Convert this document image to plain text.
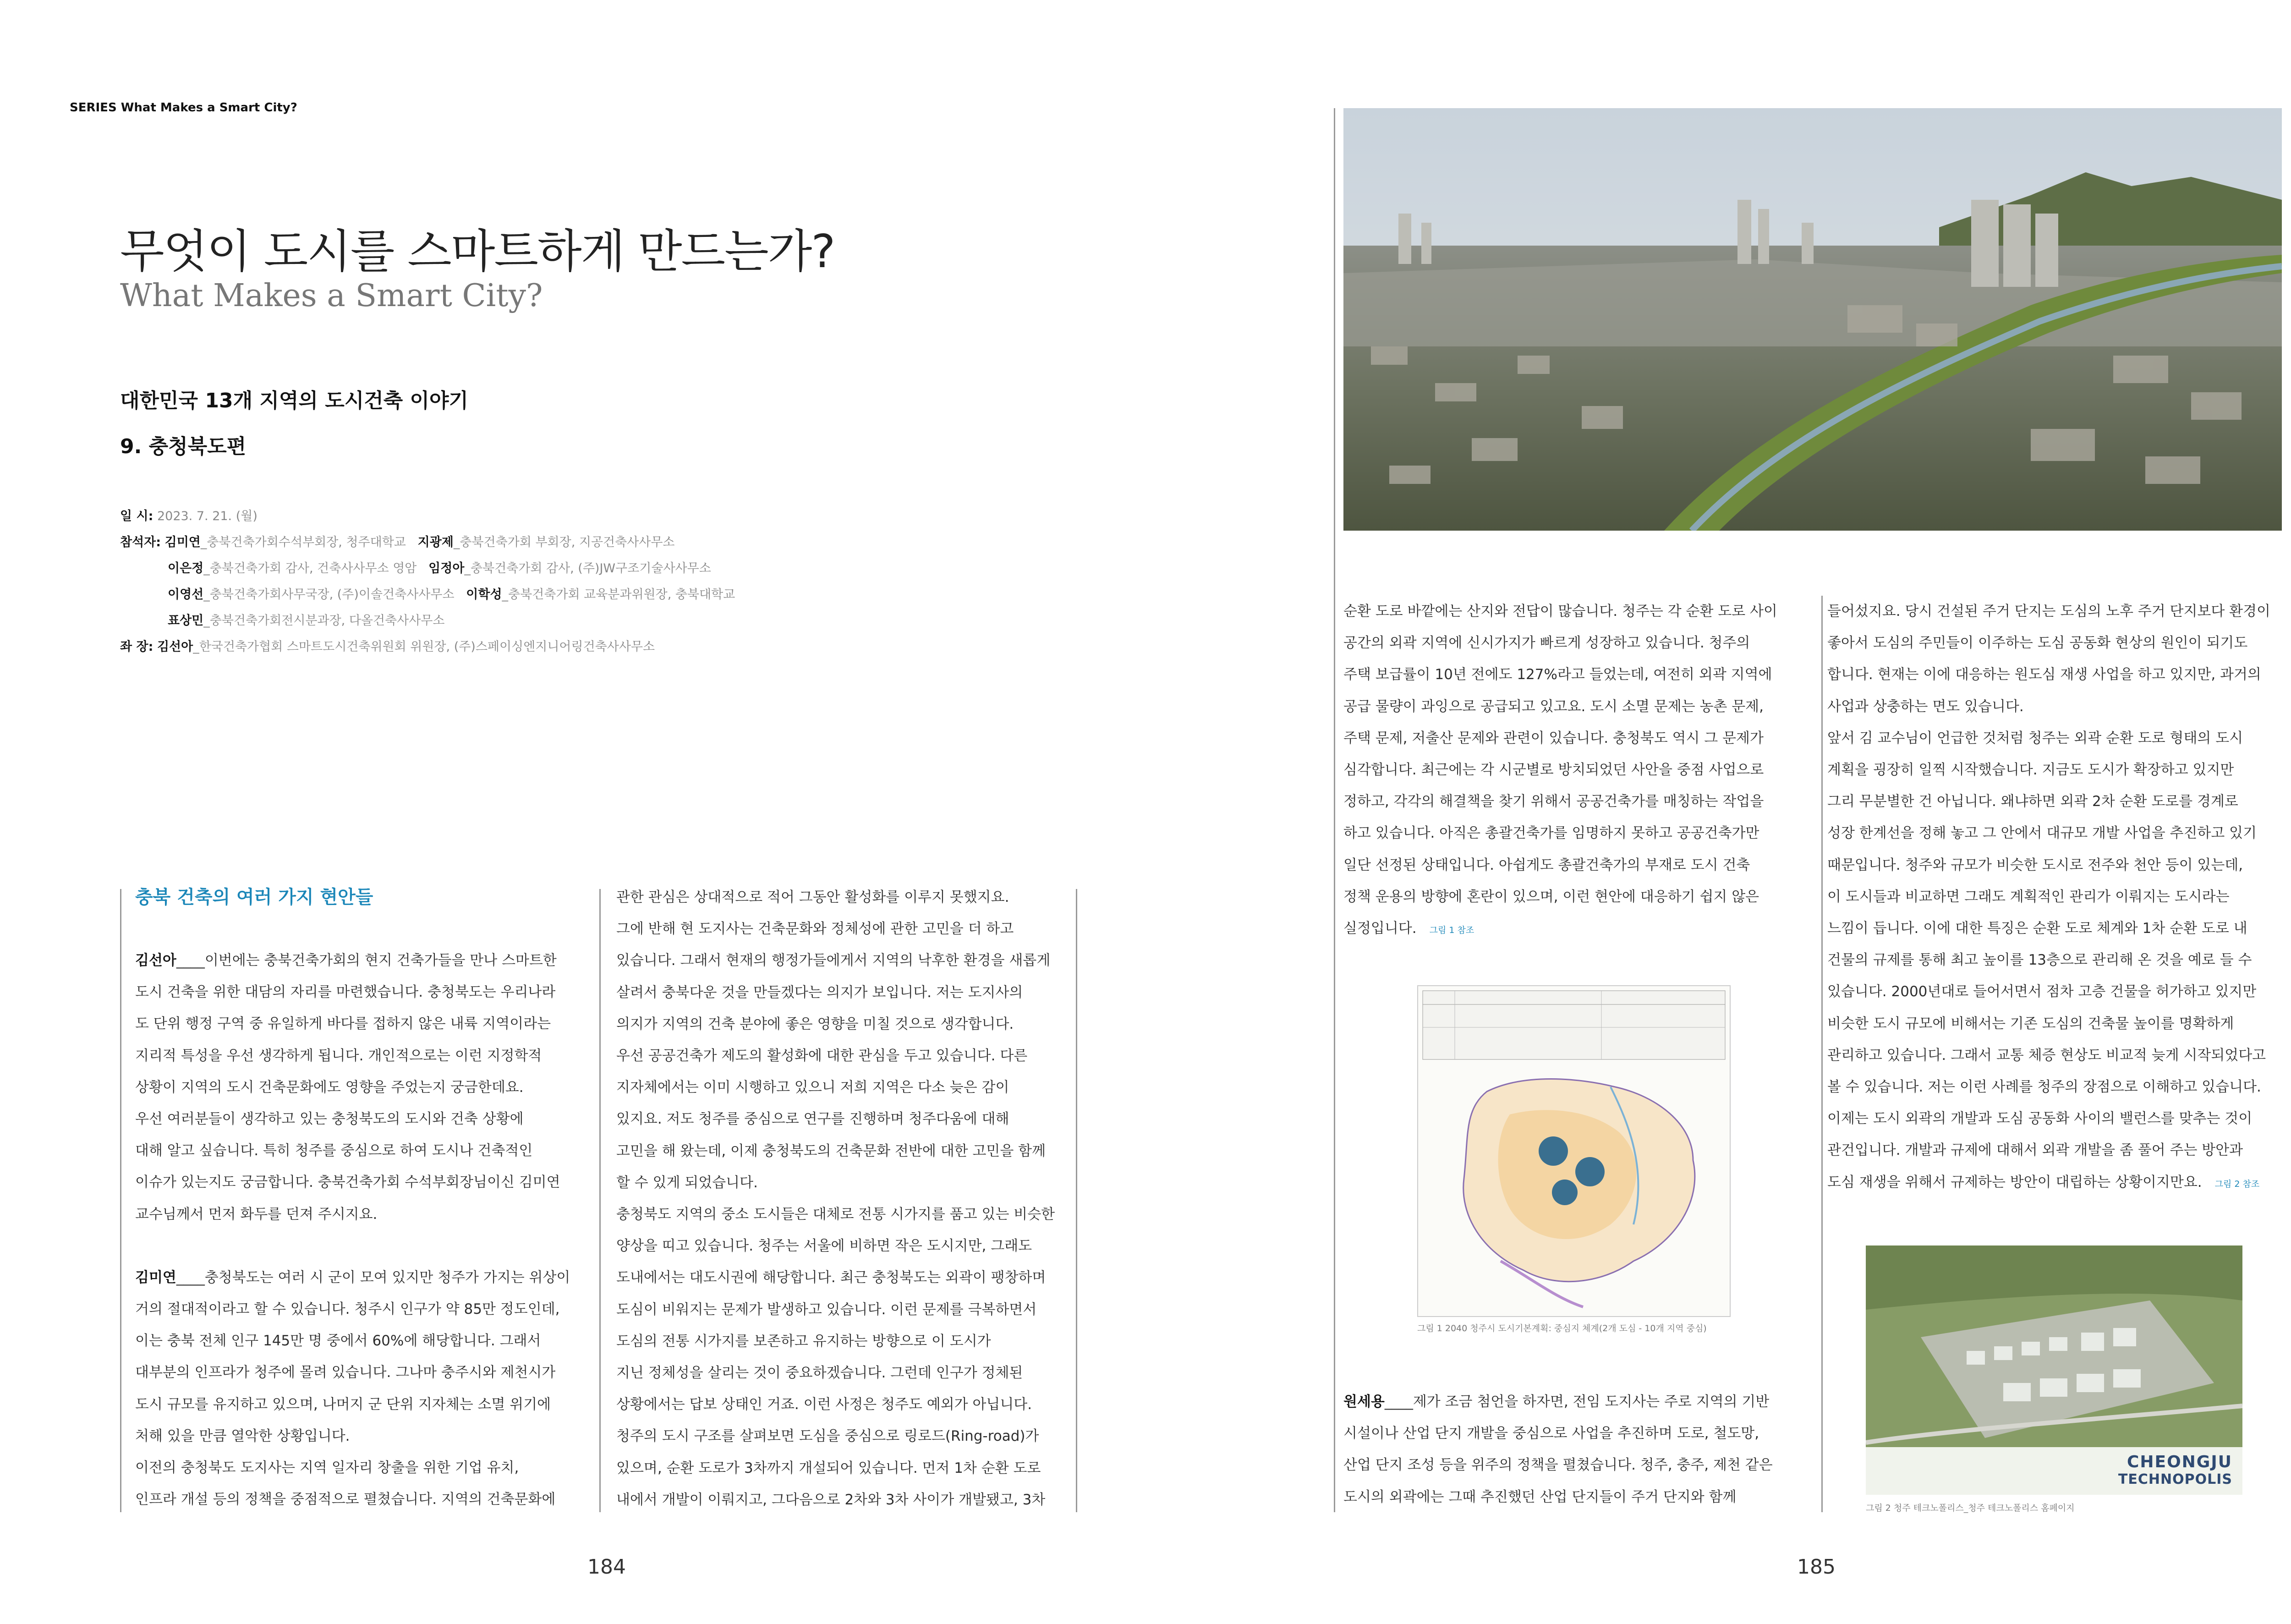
SERIES What Makes a Smart City?
무엇이 도시를 스마트하게 만드는가?
What Makes a Smart City?
대한민국 13개 지역의 도시건축 이야기
9. 충청북도편
일 시: 2023. 7. 21. (월)
참석자: 김미연_충북건축가회수석부회장, 청주대학교 지광제_충북건축가회 부회장, 지공건축사사무소
이은정_충북건축가회 감사, 건축사사무소 영암 임정아_충북건축가회 감사, (주)JW구조기술사사무소
이영선_충북건축가회사무국장, (주)이솔건축사사무소 이학성_충북건축가회 교육분과위원장, 충북대학교
표상민_충북건축가회전시분과장, 다올건축사사무소
좌 장: 김선아_한국건축가협회 스마트도시건축위원회 위원장, (주)스페이싱엔지니어링건축사사무소

충북 건축의 여러 가지 현안들

김선아____이번에는 충북건축가회의 현지 건축가들을 만나 스마트한

도시 건축을 위한 대담의 자리를 마련했습니다. 충청북도는 우리나라

도 단위 행정 구역 중 유일하게 바다를 접하지 않은 내륙 지역이라는

지리적 특성을 우선 생각하게 됩니다. 개인적으로는 이런 지정학적

상황이 지역의 도시 건축문화에도 영향을 주었는지 궁금한데요.

우선 여러분들이 생각하고 있는 충청북도의 도시와 건축 상황에

대해 알고 싶습니다. 특히 청주를 중심으로 하여 도시나 건축적인

이슈가 있는지도 궁금합니다. 충북건축가회 수석부회장님이신 김미연

교수님께서 먼저 화두를 던져 주시지요.

김미연____충청북도는 여러 시 군이 모여 있지만 청주가 가지는 위상이

거의 절대적이라고 할 수 있습니다. 청주시 인구가 약 85만 정도인데,

이는 충북 전체 인구 145만 명 중에서 60%에 해당합니다. 그래서

대부분의 인프라가 청주에 몰려 있습니다. 그나마 충주시와 제천시가

도시 규모를 유지하고 있으며, 나머지 군 단위 지자체는 소멸 위기에

처해 있을 만큼 열악한 상황입니다.

이전의 충청북도 도지사는 지역 일자리 창출을 위한 기업 유치,

인프라 개설 등의 정책을 중점적으로 펼쳤습니다. 지역의 건축문화에

관한 관심은 상대적으로 적어 그동안 활성화를 이루지 못했지요.

그에 반해 현 도지사는 건축문화와 정체성에 관한 고민을 더 하고

있습니다. 그래서 현재의 행정가들에게서 지역의 낙후한 환경을 새롭게

살려서 충북다운 것을 만들겠다는 의지가 보입니다. 저는 도지사의

의지가 지역의 건축 분야에 좋은 영향을 미칠 것으로 생각합니다.

우선 공공건축가 제도의 활성화에 대한 관심을 두고 있습니다. 다른

지자체에서는 이미 시행하고 있으니 저희 지역은 다소 늦은 감이

있지요. 저도 청주를 중심으로 연구를 진행하며 청주다움에 대해

고민을 해 왔는데, 이제 충청북도의 건축문화 전반에 대한 고민을 함께

할 수 있게 되었습니다.

충청북도 지역의 중소 도시들은 대체로 전통 시가지를 품고 있는 비슷한

양상을 띠고 있습니다. 청주는 서울에 비하면 작은 도시지만, 그래도

도내에서는 대도시권에 해당합니다. 최근 충청북도는 외곽이 팽창하며

도심이 비워지는 문제가 발생하고 있습니다. 이런 문제를 극복하면서

도심의 전통 시가지를 보존하고 유지하는 방향으로 이 도시가

지닌 정체성을 살리는 것이 중요하겠습니다. 그런데 인구가 정체된

상황에서는 답보 상태인 거죠. 이런 사정은 청주도 예외가 아닙니다.

청주의 도시 구조를 살펴보면 도심을 중심으로 링로드(Ring-road)가

있으며, 순환 도로가 3차까지 개설되어 있습니다. 먼저 1차 순환 도로

내에서 개발이 이뤄지고, 그다음으로 2차와 3차 사이가 개발됐고, 3차

순환 도로 바깥에는 산지와 전답이 많습니다. 청주는 각 순환 도로 사이

공간의 외곽 지역에 신시가지가 빠르게 성장하고 있습니다. 청주의

주택 보급률이 10년 전에도 127%라고 들었는데, 여전히 외곽 지역에

공급 물량이 과잉으로 공급되고 있고요. 도시 소멸 문제는 농촌 문제,

주택 문제, 저출산 문제와 관련이 있습니다. 충청북도 역시 그 문제가

심각합니다. 최근에는 각 시군별로 방치되었던 사안을 중점 사업으로

정하고, 각각의 해결책을 찾기 위해서 공공건축가를 매칭하는 작업을

하고 있습니다. 아직은 총괄건축가를 임명하지 못하고 공공건축가만

일단 선정된 상태입니다. 아쉽게도 총괄건축가의 부재로 도시 건축

정책 운용의 방향에 혼란이 있으며, 이런 현안에 대응하기 쉽지 않은

실정입니다. 그림 1 참조

그림 1 2040 청주시 도시기본계획: 중심지 체계(2개 도심 - 10개 지역 중심)

원세용____제가 조금 첨언을 하자면, 전임 도지사는 주로 지역의 기반

시설이나 산업 단지 개발을 중심으로 사업을 추진하며 도로, 철도망,

산업 단지 조성 등을 위주의 정책을 펼쳤습니다. 청주, 충주, 제천 같은

도시의 외곽에는 그때 추진했던 산업 단지들이 주거 단지와 함께

들어섰지요. 당시 건설된 주거 단지는 도심의 노후 주거 단지보다 환경이

좋아서 도심의 주민들이 이주하는 도심 공동화 현상의 원인이 되기도

합니다. 현재는 이에 대응하는 원도심 재생 사업을 하고 있지만, 과거의

사업과 상충하는 면도 있습니다.

앞서 김 교수님이 언급한 것처럼 청주는 외곽 순환 도로 형태의 도시

계획을 굉장히 일찍 시작했습니다. 지금도 도시가 확장하고 있지만

그리 무분별한 건 아닙니다. 왜냐하면 외곽 2차 순환 도로를 경계로

성장 한계선을 정해 놓고 그 안에서 대규모 개발 사업을 추진하고 있기

때문입니다. 청주와 규모가 비슷한 도시로 전주와 천안 등이 있는데,

이 도시들과 비교하면 그래도 계획적인 관리가 이뤄지는 도시라는

느낌이 듭니다. 이에 대한 특징은 순환 도로 체계와 1차 순환 도로 내

건물의 규제를 통해 최고 높이를 13층으로 관리해 온 것을 예로 들 수

있습니다. 2000년대로 들어서면서 점차 고층 건물을 허가하고 있지만

비슷한 도시 규모에 비해서는 기존 도심의 건축물 높이를 명확하게

관리하고 있습니다. 그래서 교통 체증 현상도 비교적 늦게 시작되었다고

볼 수 있습니다. 저는 이런 사례를 청주의 장점으로 이해하고 있습니다.

이제는 도시 외곽의 개발과 도심 공동화 사이의 밸런스를 맞추는 것이

관건입니다. 개발과 규제에 대해서 외곽 개발을 좀 풀어 주는 방안과

도심 재생을 위해서 규제하는 방안이 대립하는 상황이지만요. 그림 2 참조

CHEONGJU
TECHNOPOLIS
그림 2 청주 테크노폴리스_청주 테크노폴리스 홈페이지
184	185
